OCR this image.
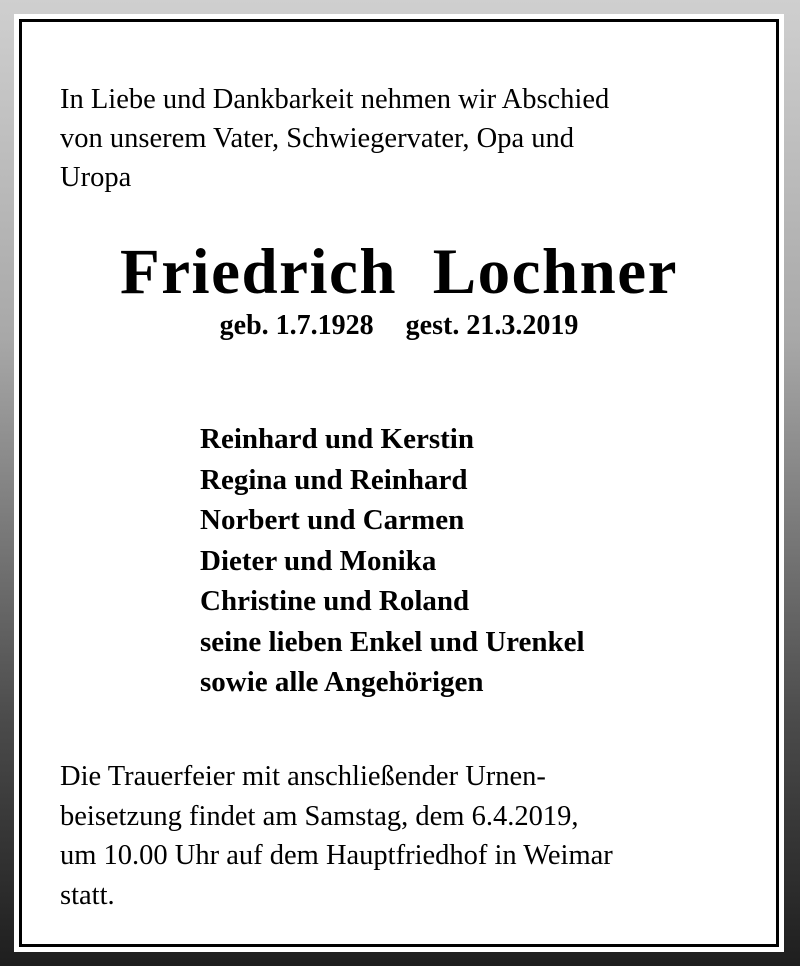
In Liebe und Dankbarkeit nehmen wir Abschied
von unserem Vater, Schwiegervater, Opa und
Uropa

Friedrich Lochner
geb. 1.7.1928 gest. 21.3.2019
Reinhard und Kerstin
Regina und Reinhard
Norbert und Carmen
Dieter und Monika
Christine und Roland
seine lieben Enkel und Urenkel
sowie alle Angehörigen

Die Trauerfeier mit anschließender Urnen-
beisetzung findet am Samstag, dem 6.4.2019,
um 10.00 Uhr auf dem Hauptfriedhof in Weimar
statt.
